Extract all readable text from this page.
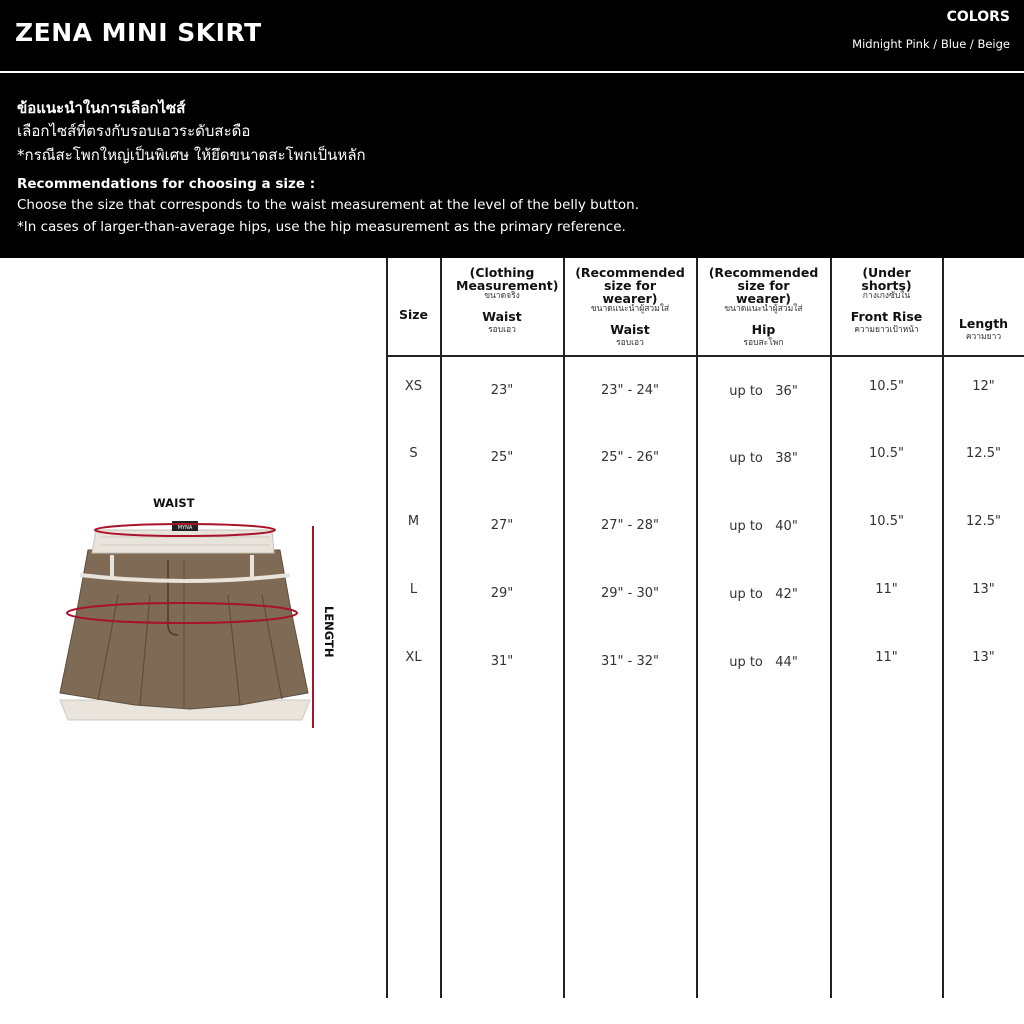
ZENA MINI SKIRT
COLORS
Midnight Pink / Blue / Beige
ข้อแนะนำในการเลือกไซส์
เลือกไซส์ที่ตรงกับรอบเอวระดับสะดือ
*กรณีสะโพกใหญ่เป็นพิเศษ ให้ยึดขนาดสะโพกเป็นหลัก
Recommendations for choosing a size :
Choose the size that corresponds to the waist measurement at the level of the belly button.
*In cases of larger-than-average hips, use the hip measurement as the primary reference.
WAIST
LENGTH
MYNA
Size
(Clothing Measurement)
ขนาดจริง
Waist
รอบเอว
(Recommended size for wearer)
ขนาดแนะนำผู้สวมใส่
Waist
รอบเอว
(Recommended size for wearer)
ขนาดแนะนำผู้สวมใส่
Hip
รอบสะโพก
(Under shorts)
กางเกงซับใน
Front Rise
ความยาวเป้าหน้า	Length
ความยาว
XS	23"	23" - 24"	up to   36"	10.5"	12"
S	25"	25" - 26"	up to   38"	10.5"	12.5"
M	27"	27" - 28"	up to   40"	10.5"	12.5"
L	29"	29" - 30"	up to   42"	11"	13"
XL	31"	31" - 32"	up to   44"	11"	13"
